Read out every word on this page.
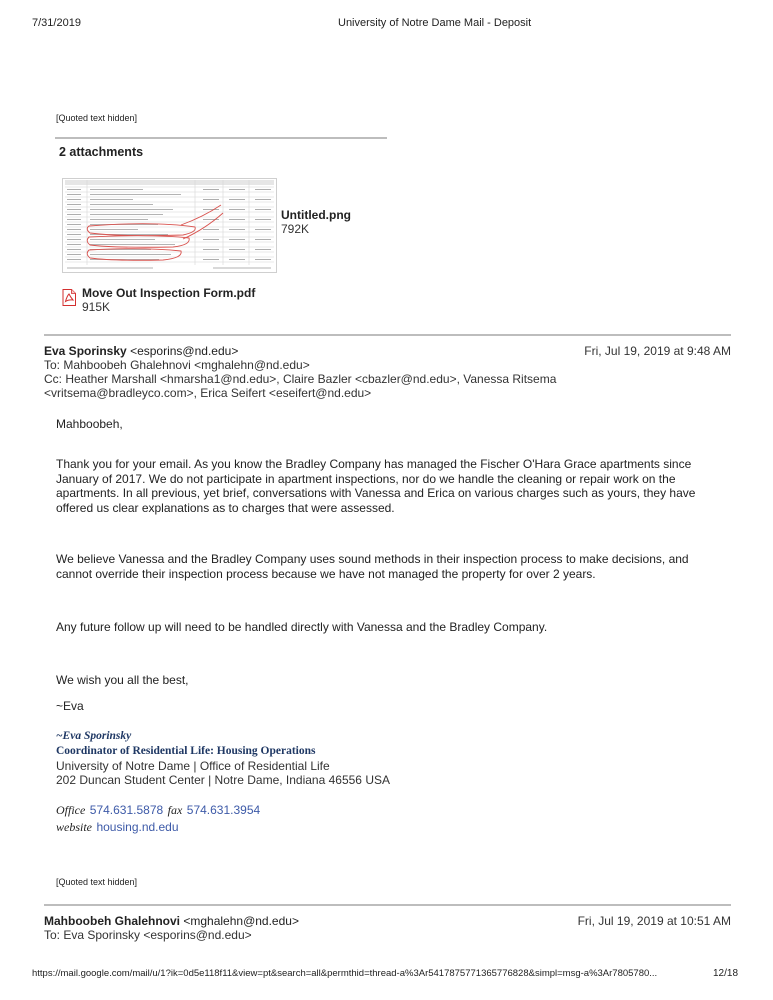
7/31/2019	University of Notre Dame Mail - Deposit
[Quoted text hidden]
2 attachments
Untitled.png
792K
Move Out Inspection Form.pdf
915K
Eva Sporinsky <esporins@nd.edu>	Fri, Jul 19, 2019 at 9:48 AM
To: Mahboobeh Ghalehnovi <mghalehn@nd.edu>
Cc: Heather Marshall <hmarsha1@nd.edu>, Claire Bazler <cbazler@nd.edu>, Vanessa Ritsema
<vritsema@bradleyco.com>, Erica Seifert <eseifert@nd.edu>
Mahboobeh,
Thank you for your email. As you know the Bradley Company has managed the Fischer O'Hara Grace apartments since January of 2017. We do not participate in apartment inspections, nor do we handle the cleaning or repair work on the apartments. In all previous, yet brief, conversations with Vanessa and Erica on various charges such as yours, they have offered us clear explanations as to charges that were assessed.
We believe Vanessa and the Bradley Company uses sound methods in their inspection process to make decisions, and cannot override their inspection process because we have not managed the property for over 2 years.
Any future follow up will need to be handled directly with Vanessa and the Bradley Company.
We wish you all the best,
~Eva
~Eva Sporinsky
Coordinator of Residential Life: Housing Operations
University of Notre Dame | Office of Residential Life
202 Duncan Student Center | Notre Dame, Indiana 46556 USA
Office 574.631.5878 fax 574.631.3954
website housing.nd.edu
[Quoted text hidden]
Mahboobeh Ghalehnovi <mghalehn@nd.edu>	Fri, Jul 19, 2019 at 10:51 AM
To: Eva Sporinsky <esporins@nd.edu>
https://mail.google.com/mail/u/1?ik=0d5e118f11&view=pt&search=all&permthid=thread-a%3Ar5417875771365776828&simpl=msg-a%3Ar7805780...	12/18
